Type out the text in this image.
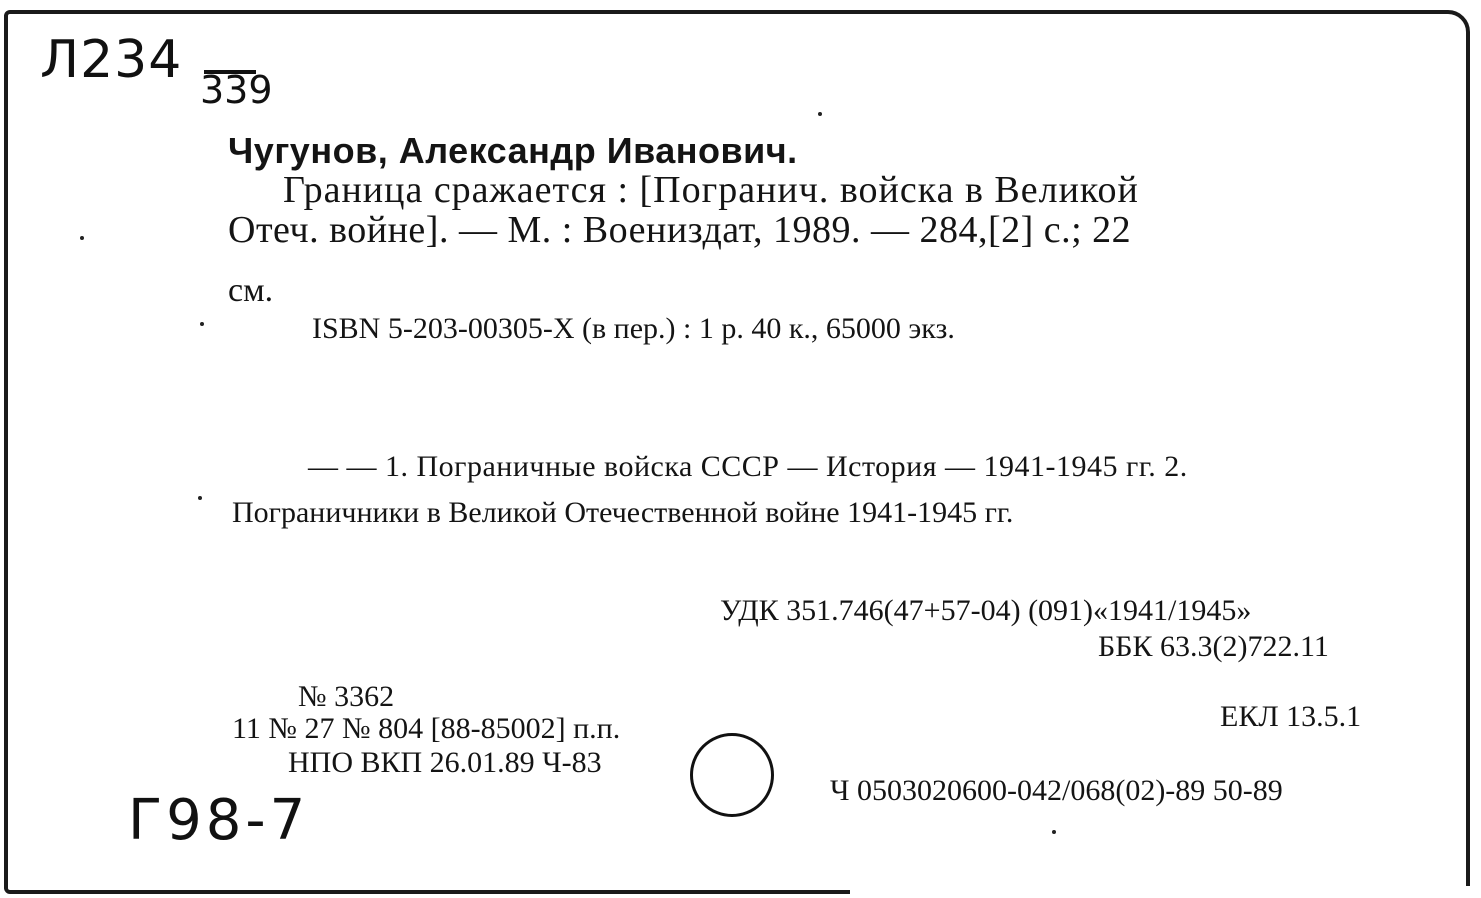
Л234 339
Чугунов, Александр Иванович.
Граница сражается : [Погранич. войска в Великой
Отеч. войне]. — М. : Воениздат, 1989. — 284,[2] с.; 22
см.
ISBN 5-203-00305-X (в пер.) : 1 р. 40 к., 65000 экз.
— — 1. Пограничные войска СССР — История — 1941-1945 гг. 2.
Пограничники в Великой Отечественной войне 1941-1945 гг.
УДК 351.746(47+57-04) (091)«1941/1945»
ББК 63.3(2)722.11
ЕКЛ 13.5.1
Ч 0503020600-042/068(02)-89 50-89
№ 3362
11 № 27 № 804 [88-85002] п.п.
НПО ВКП 26.01.89 Ч-83
Г98-7
